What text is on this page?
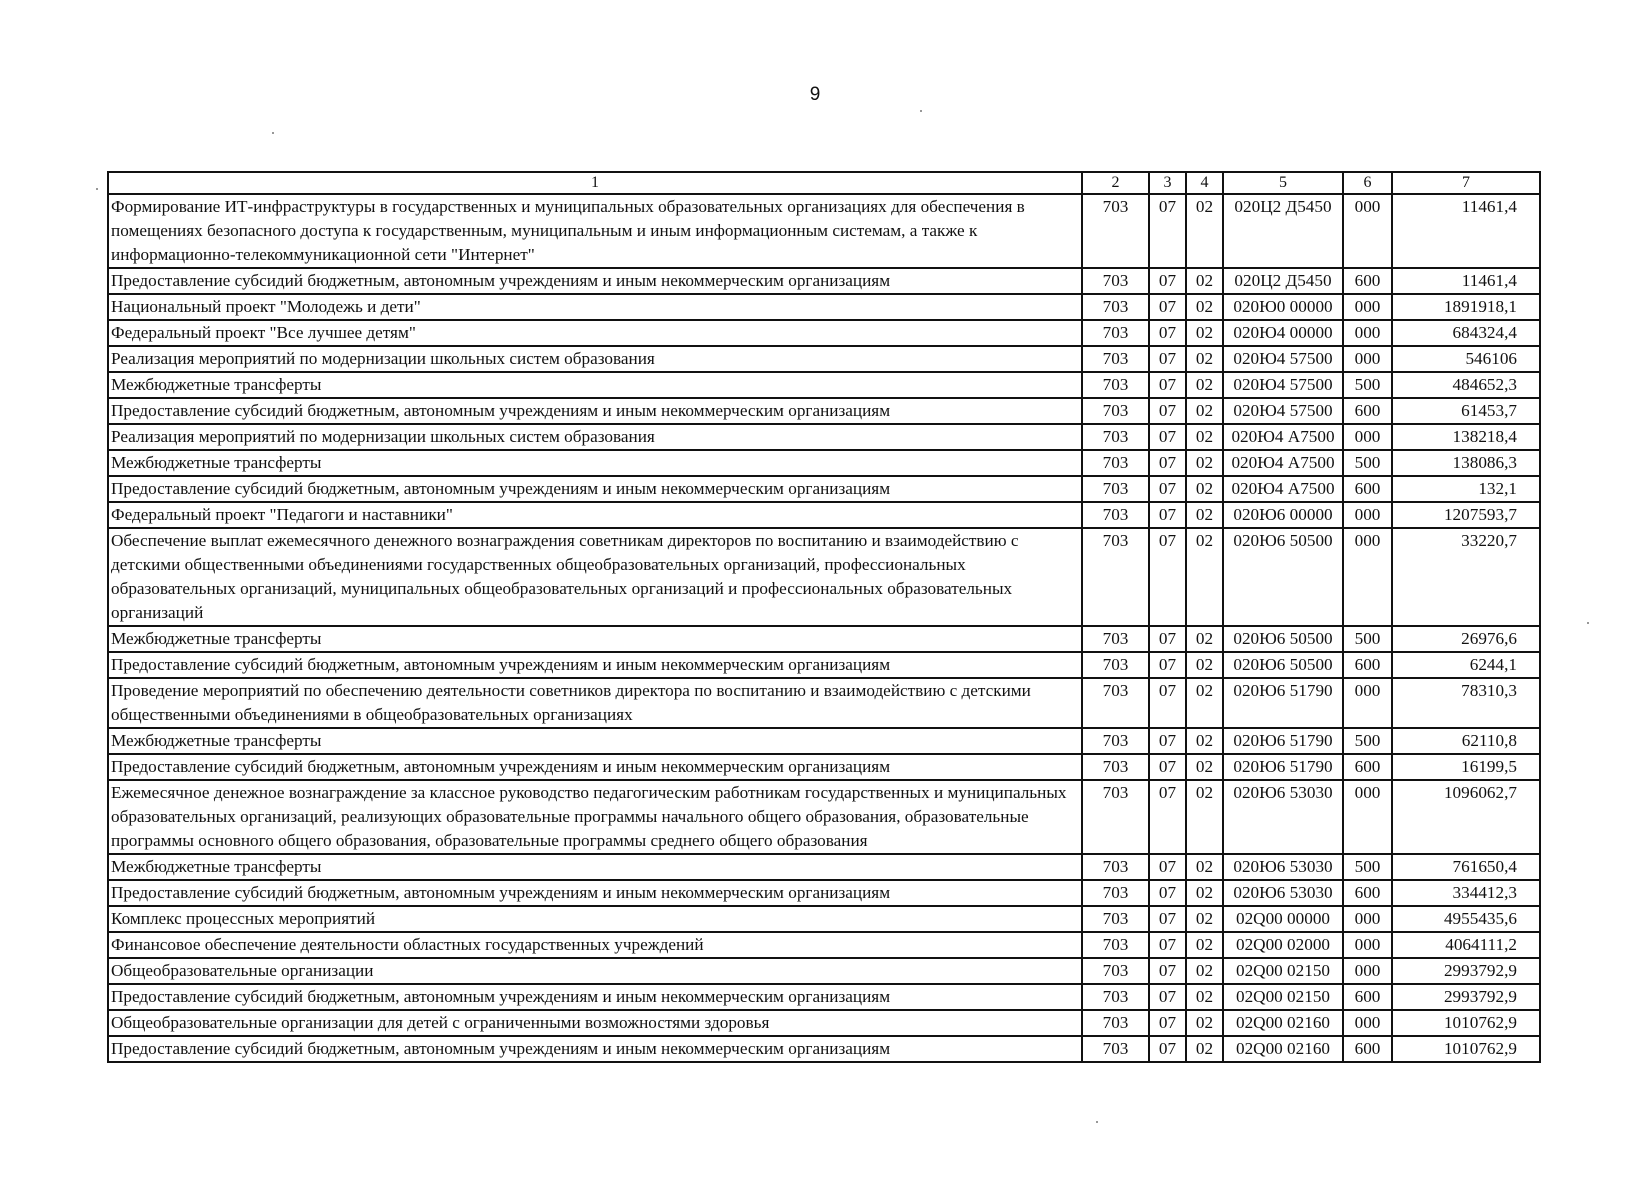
9
1	2	3	4	5	6	7
Формирование ИТ-инфраструктуры в государственных и муниципальных образовательных организациях для обеспечения в помещениях безопасного доступа к государственным, муниципальным и иным информационным системам, а также к информационно-телекоммуникационной сети "Интернет"	703	07	02	020Ц2 Д5450	000	11461,4
Предоставление субсидий бюджетным, автономным учреждениям и иным некоммерческим организациям	703	07	02	020Ц2 Д5450	600	11461,4
Национальный проект "Молодежь и дети"	703	07	02	020Ю0 00000	000	1891918,1
Федеральный проект "Все лучшее детям"	703	07	02	020Ю4 00000	000	684324,4
Реализация мероприятий по модернизации школьных систем образования	703	07	02	020Ю4 57500	000	546106
Межбюджетные трансферты	703	07	02	020Ю4 57500	500	484652,3
Предоставление субсидий бюджетным, автономным учреждениям и иным некоммерческим организациям	703	07	02	020Ю4 57500	600	61453,7
Реализация мероприятий по модернизации школьных систем образования	703	07	02	020Ю4 А7500	000	138218,4
Межбюджетные трансферты	703	07	02	020Ю4 А7500	500	138086,3
Предоставление субсидий бюджетным, автономным учреждениям и иным некоммерческим организациям	703	07	02	020Ю4 А7500	600	132,1
Федеральный проект "Педагоги и наставники"	703	07	02	020Ю6 00000	000	1207593,7
Обеспечение выплат ежемесячного денежного вознаграждения советникам директоров по воспитанию и взаимодействию с детскими общественными объединениями государственных общеобразовательных организаций, профессиональных образовательных организаций, муниципальных общеобразовательных организаций и профессиональных образовательных организаций	703	07	02	020Ю6 50500	000	33220,7
Межбюджетные трансферты	703	07	02	020Ю6 50500	500	26976,6
Предоставление субсидий бюджетным, автономным учреждениям и иным некоммерческим организациям	703	07	02	020Ю6 50500	600	6244,1
Проведение мероприятий по обеспечению деятельности советников директора по воспитанию и взаимодействию с детскими общественными объединениями в общеобразовательных организациях	703	07	02	020Ю6 51790	000	78310,3
Межбюджетные трансферты	703	07	02	020Ю6 51790	500	62110,8
Предоставление субсидий бюджетным, автономным учреждениям и иным некоммерческим организациям	703	07	02	020Ю6 51790	600	16199,5
Ежемесячное денежное вознаграждение за классное руководство педагогическим работникам государственных и муниципальных образовательных организаций, реализующих образовательные программы начального общего образования, образовательные программы основного общего образования, образовательные программы среднего общего образования	703	07	02	020Ю6 53030	000	1096062,7
Межбюджетные трансферты	703	07	02	020Ю6 53030	500	761650,4
Предоставление субсидий бюджетным, автономным учреждениям и иным некоммерческим организациям	703	07	02	020Ю6 53030	600	334412,3
Комплекс процессных мероприятий	703	07	02	02Q00 00000	000	4955435,6
Финансовое обеспечение деятельности областных государственных учреждений	703	07	02	02Q00 02000	000	4064111,2
Общеобразовательные организации	703	07	02	02Q00 02150	000	2993792,9
Предоставление субсидий бюджетным, автономным учреждениям и иным некоммерческим организациям	703	07	02	02Q00 02150	600	2993792,9
Общеобразовательные организации для детей с ограниченными возможностями здоровья	703	07	02	02Q00 02160	000	1010762,9
Предоставление субсидий бюджетным, автономным учреждениям и иным некоммерческим организациям	703	07	02	02Q00 02160	600	1010762,9
